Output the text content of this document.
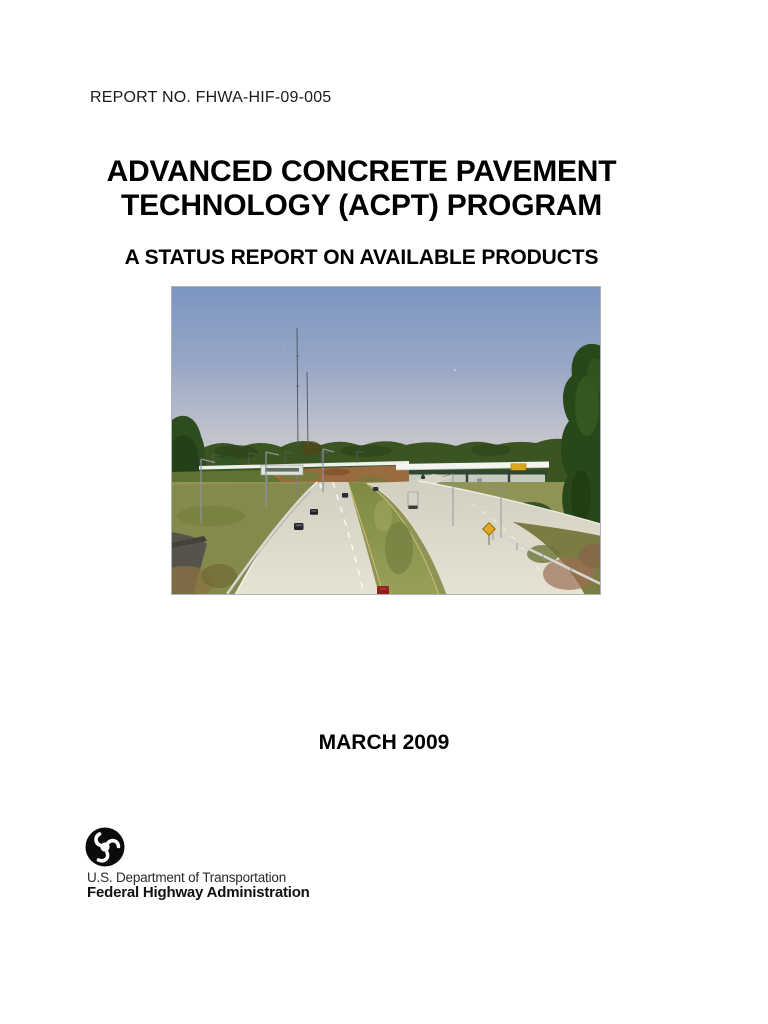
REPORT NO. FHWA-HIF-09-005
ADVANCED CONCRETE PAVEMENT
TECHNOLOGY (ACPT) PROGRAM
A STATUS REPORT ON AVAILABLE PRODUCTS
MARCH 2009
U.S. Department of Transportation
Federal Highway Administration
